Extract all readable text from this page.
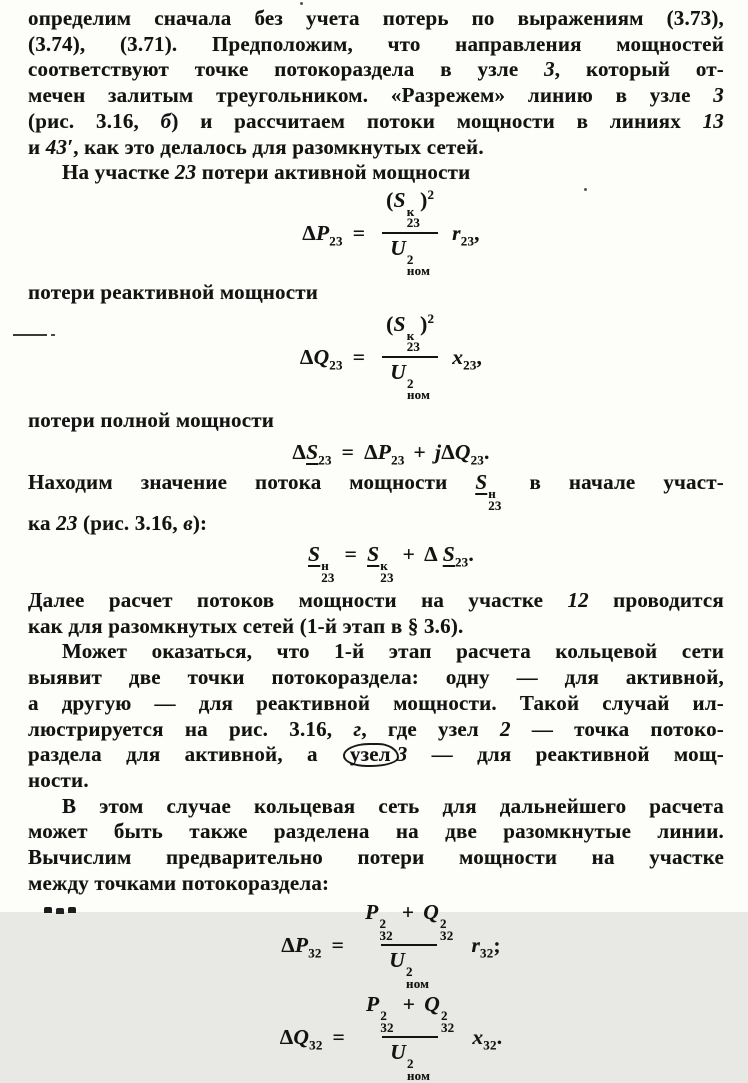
определим сначала без учета потерь по выражениям (3.73),
(3.74), (3.71). Предположим, что направления мощностей
соответствуют точке потокораздела в узле 3, который от-
мечен залитым треугольником. «Разрежем» линию в узле 3
(рис. 3.16, б) и рассчитаем потоки мощности в линиях 13
и 43′, как это делалось для разомкнутых сетей.
На участке 23 потери активной мощности
$\Delta P_{23} = (S$ к
23
)$^2$
U 2
ном $r_{23}$,
потери реактивной мощности
$\Delta Q_{23} = (S$ к
23
)$^2$
U 2
ном $x_{23}$,
потери полной мощности
$\Delta S_{23} = \Delta P_{23} + j\Delta Q_{23}$.
Находим значение потока мощности S н
23
в начале участ-
ка 23 (рис. 3.16, в):
S н
23
= S к
23
+ Δ $S_{23}$.
Далее расчет потоков мощности на участке 12 проводится
как для разомкнутых сетей (1-й этап в § 3.6).
Может оказаться, что 1-й этап расчета кольцевой сети
выявит две точки потокораздела: одну — для активной,
а другую — для реактивной мощности. Такой случай ил-
люстрируется на рис. 3.16, г, где узел 2 — точка потоко-
раздела для активной, а узел 3 — для реактивной мощ-
ности.
В этом случае кольцевая сеть для дальнейшего расчета
может быть также разделена на две разомкнутые линии.
Вычислим предварительно потери мощности на участке
между точками потокораздела:
$\Delta P_{32} = P$ 2
32
+ Q 2
32
U 2
ном $r_{32}$;
$\Delta Q_{32} = P$ 2
32
+ Q 2
32
U 2
ном $x_{32}$.
